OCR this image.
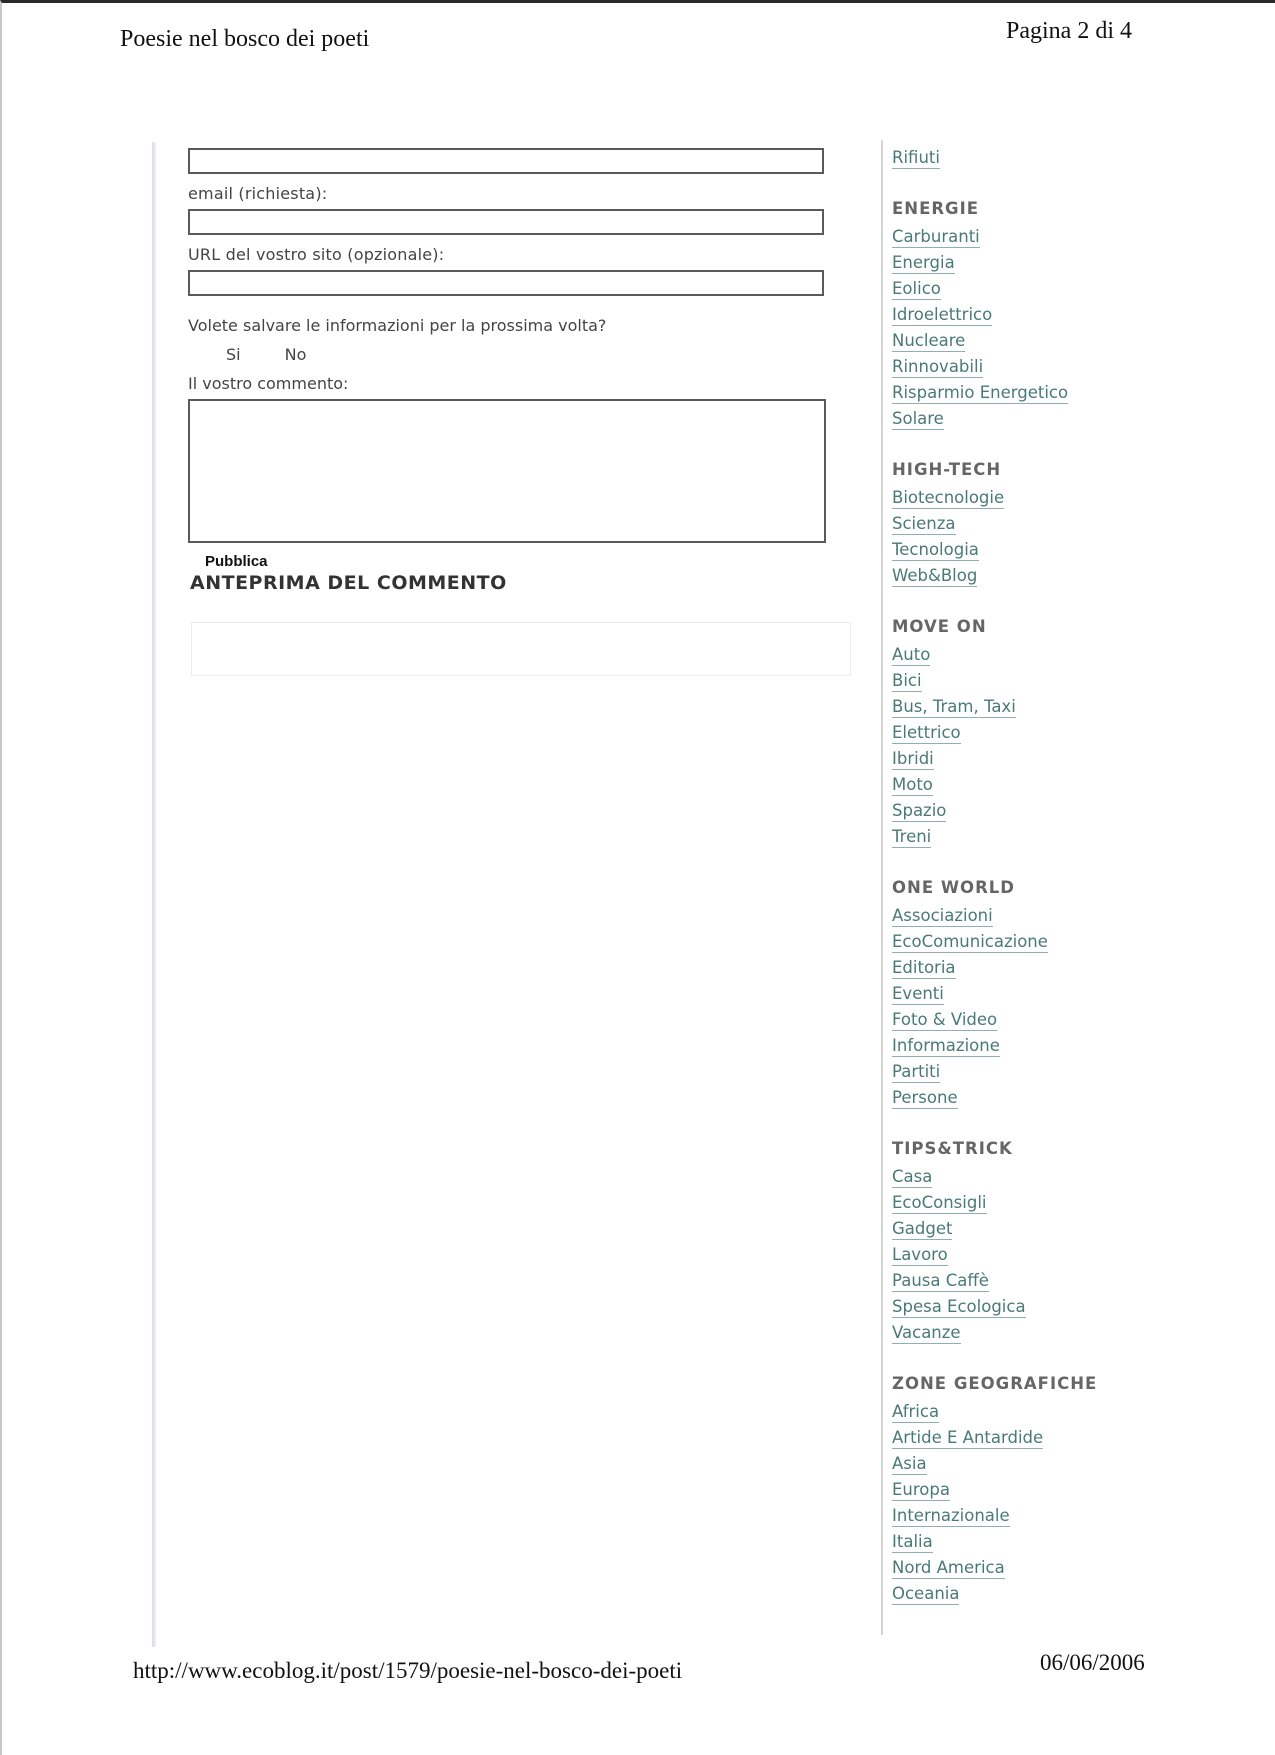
Poesie nel bosco dei poeti	Pagina 2 di 4
email (richiesta):
URL del vostro sito (opzionale):
Volete salvare le informazioni per la prossima volta?
Si	No
Il vostro commento:
Pubblica
ANTEPRIMA DEL COMMENTO
Rifiuti
ENERGIE
Carburanti
Energia
Eolico
Idroelettrico
Nucleare
Rinnovabili
Risparmio Energetico
Solare
HIGH-TECH
Biotecnologie
Scienza
Tecnologia
Web&Blog
MOVE ON
Auto
Bici
Bus, Tram, Taxi
Elettrico
Ibridi
Moto
Spazio
Treni
ONE WORLD
Associazioni
EcoComunicazione
Editoria
Eventi
Foto & Video
Informazione
Partiti
Persone
TIPS&TRICK
Casa
EcoConsigli
Gadget
Lavoro
Pausa Caffè
Spesa Ecologica
Vacanze
ZONE GEOGRAFICHE
Africa
Artide E Antardide
Asia
Europa
Internazionale
Italia
Nord America
Oceania
http://www.ecoblog.it/post/1579/poesie-nel-bosco-dei-poeti	06/06/2006
